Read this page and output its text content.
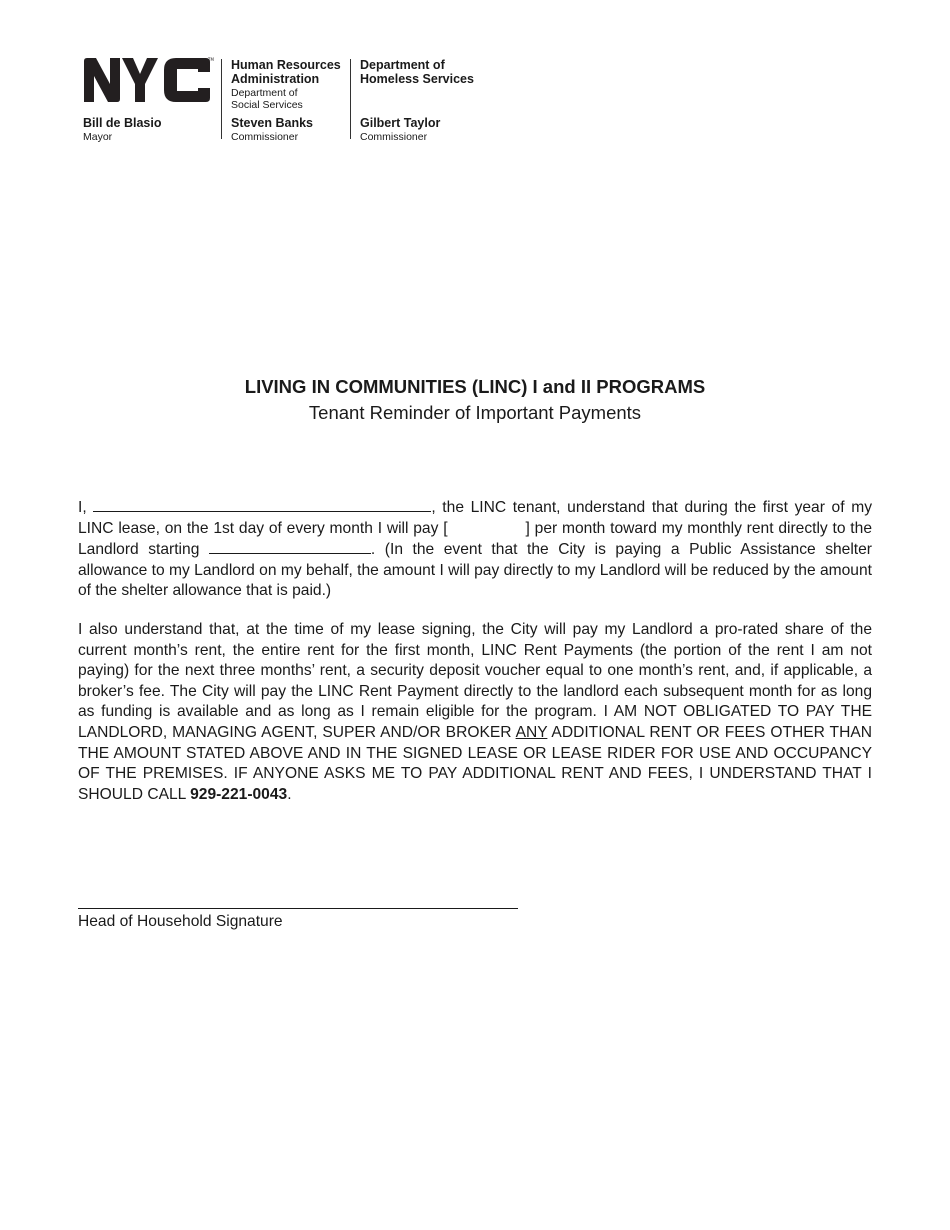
TM
Bill de Blasio
Mayor
Human Resources
Administration
Department of
Social Services
Steven Banks
Commissioner
Department of
Homeless Services
Gilbert Taylor
Commissioner
LIVING IN COMMUNITIES (LINC) I and II PROGRAMS
Tenant Reminder of Important Payments
I,	, the LINC tenant, understand that during the first year of my LINC lease, on the 1st day of every month I will pay [	] per month toward my monthly rent directly to the Landlord starting	. (In the event that the City is paying a Public Assistance shelter allowance to my Landlord on my behalf, the amount I will pay directly to my Landlord will be reduced by the amount of the shelter allowance that is paid.)
I also understand that, at the time of my lease signing, the City will pay my Landlord a pro-rated share of the current month’s rent, the entire rent for the first month, LINC Rent Payments (the portion of the rent I am not paying) for the next three months’ rent, a security deposit voucher equal to one month’s rent, and, if applicable, a broker’s fee. The City will pay the LINC Rent Payment directly to the landlord each subsequent month for as long as funding is available and as long as I remain eligible for the program. I AM NOT OBLIGATED TO PAY THE LANDLORD, MANAGING AGENT, SUPER AND/OR BROKER ANY ADDITIONAL RENT OR FEES OTHER THAN THE AMOUNT STATED ABOVE AND IN THE SIGNED LEASE OR LEASE RIDER FOR USE AND OCCUPANCY OF THE PREMISES. IF ANYONE ASKS ME TO PAY ADDITIONAL RENT AND FEES, I UNDERSTAND THAT I SHOULD CALL 929-221-0043.
Head of Household Signature
